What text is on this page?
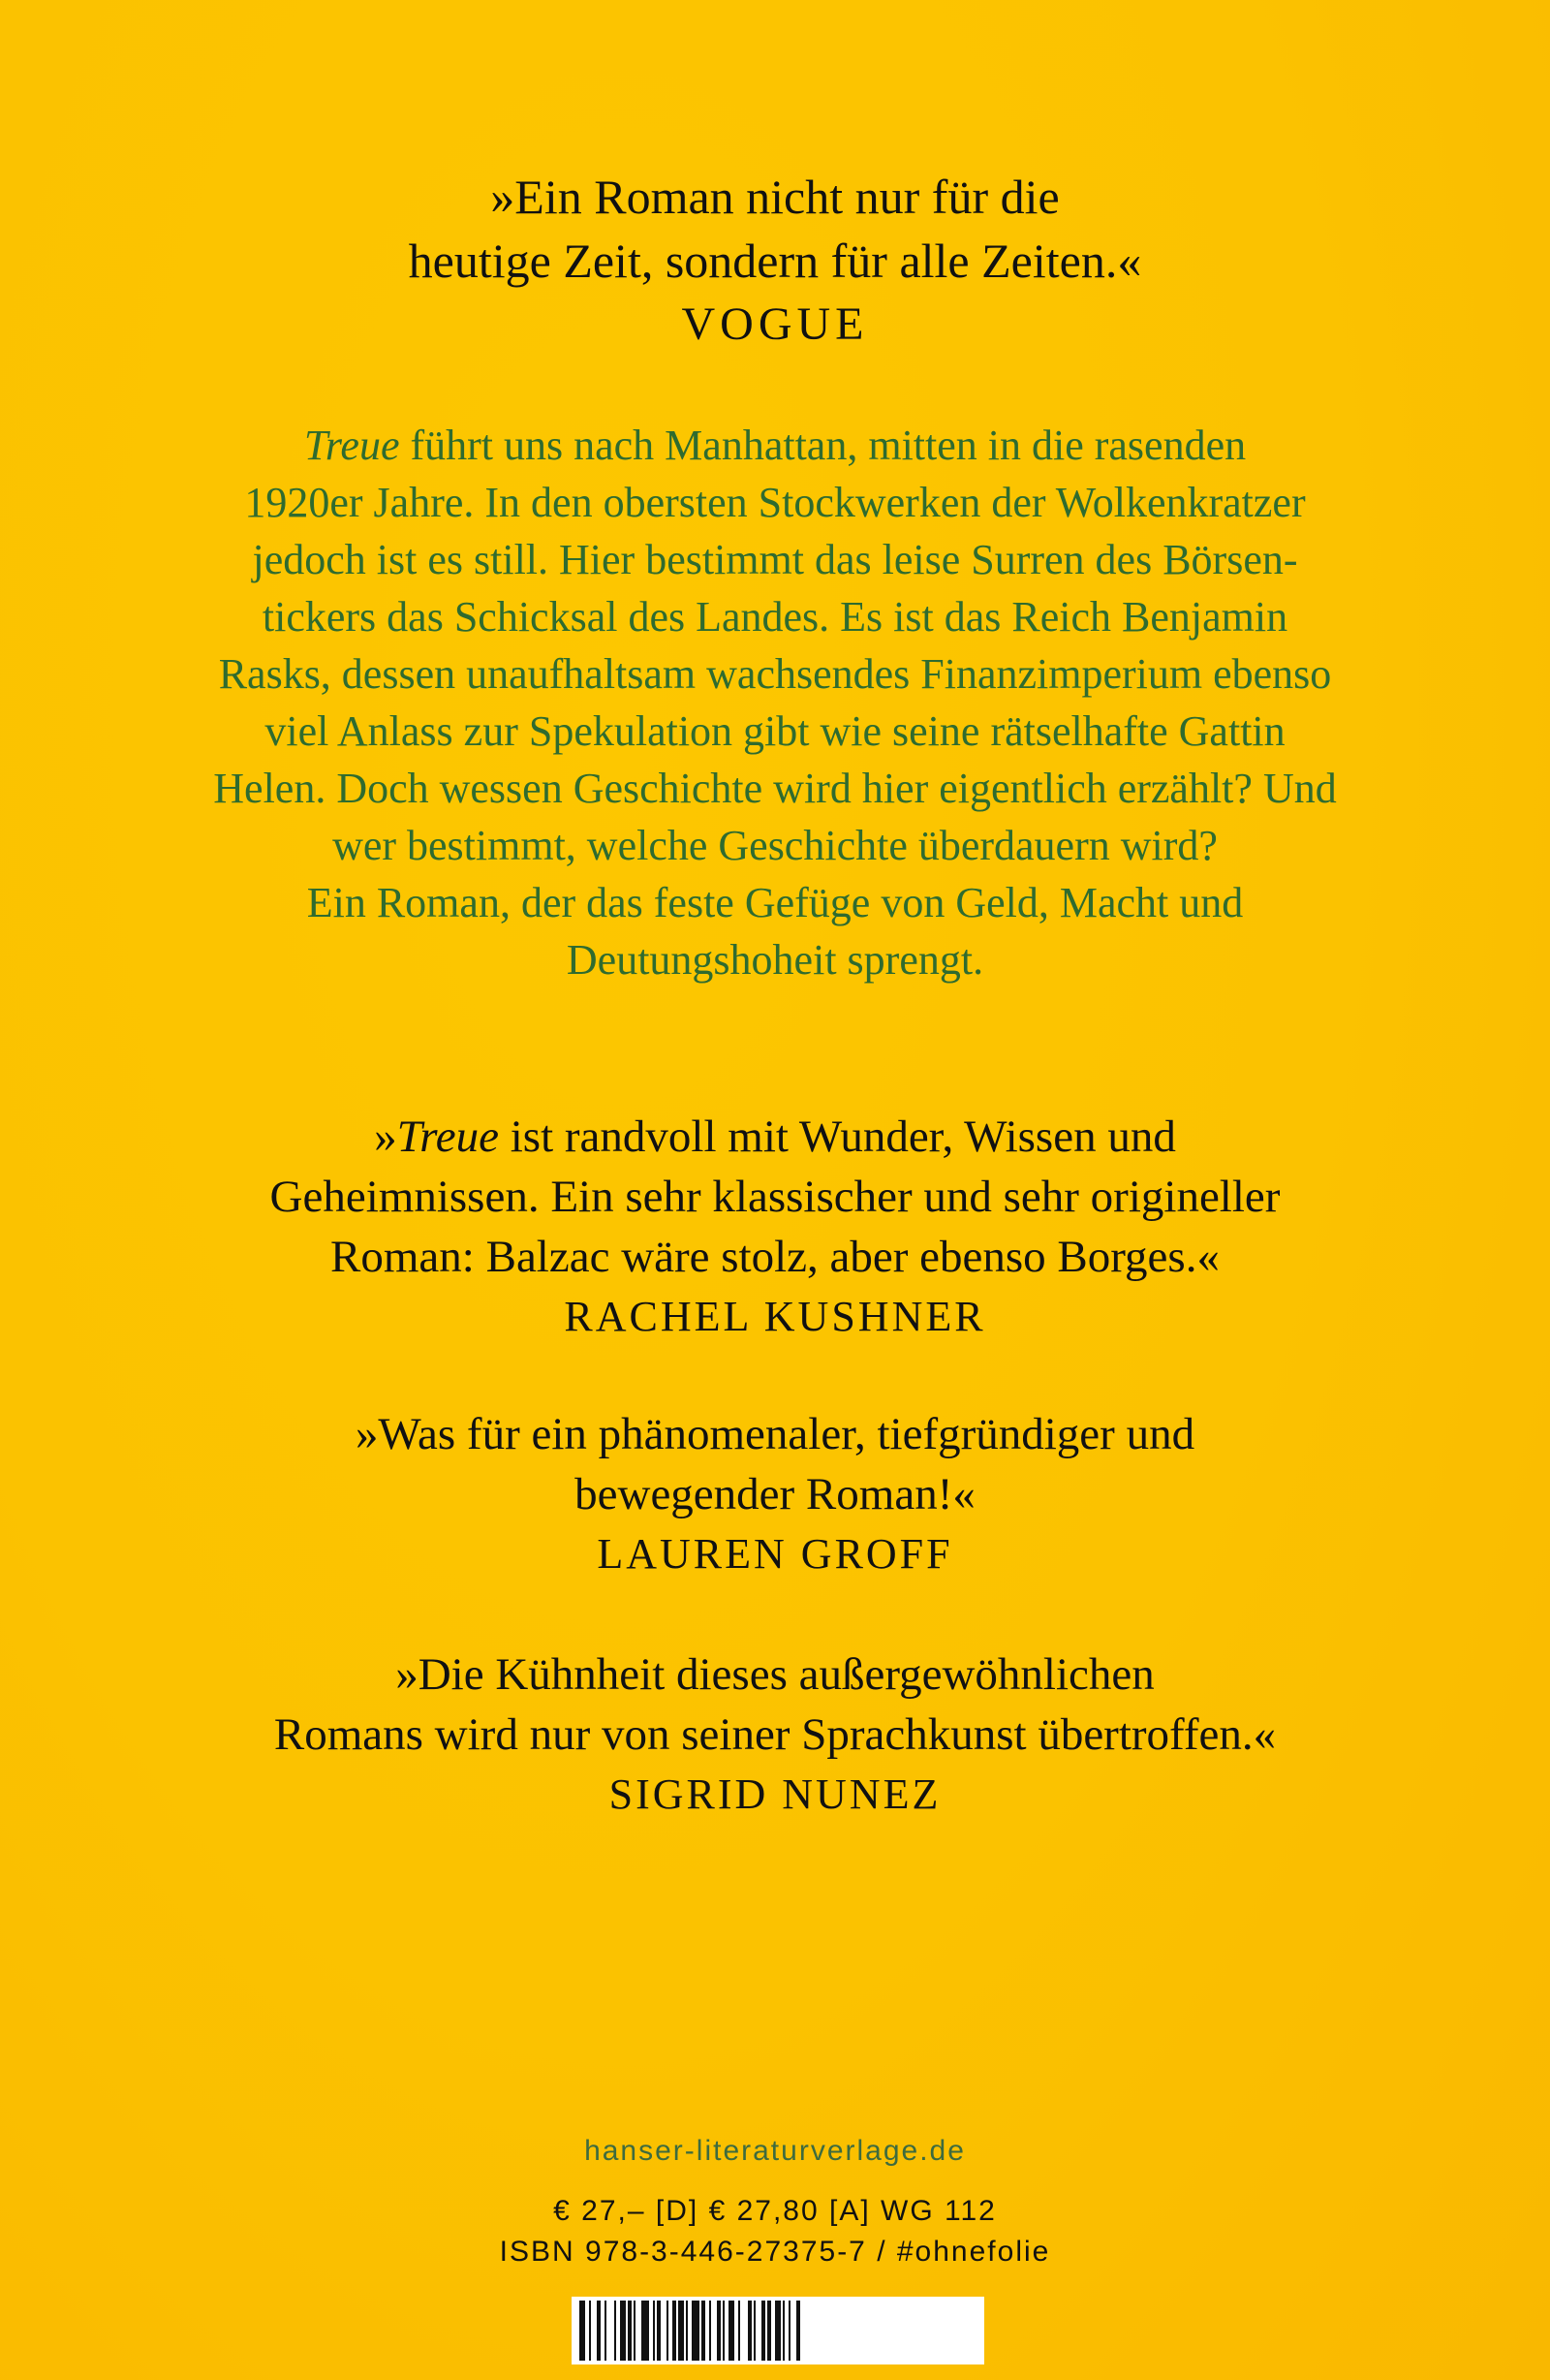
»Ein Roman nicht nur für die
heutige Zeit, sondern für alle Zeiten.«
VOGUE
Treue führt uns nach Manhattan, mitten in die rasenden
1920er Jahre. In den obersten Stockwerken der Wolkenkratzer
jedoch ist es still. Hier bestimmt das leise Surren des Börsen-
tickers das Schicksal des Landes. Es ist das Reich Benjamin
Rasks, dessen unaufhaltsam wachsendes Finanzimperium ebenso
viel Anlass zur Spekulation gibt wie seine rätselhafte Gattin
Helen. Doch wessen Geschichte wird hier eigentlich erzählt? Und
wer bestimmt, welche Geschichte überdauern wird?
Ein Roman, der das feste Gefüge von Geld, Macht und
Deutungshoheit sprengt.
»Treue ist randvoll mit Wunder, Wissen und
Geheimnissen. Ein sehr klassischer und sehr origineller
Roman: Balzac wäre stolz, aber ebenso Borges.«
RACHEL KUSHNER
»Was für ein phänomenaler, tiefgründiger und
bewegender Roman!«
LAUREN GROFF
»Die Kühnheit dieses außergewöhnlichen
Romans wird nur von seiner Sprachkunst übertroffen.«
SIGRID NUNEZ
hanser-literaturverlage.de
€ 27,– [D] € 27,80 [A] WG 112
ISBN 978-3-446-27375-7 / #ohnefolie
